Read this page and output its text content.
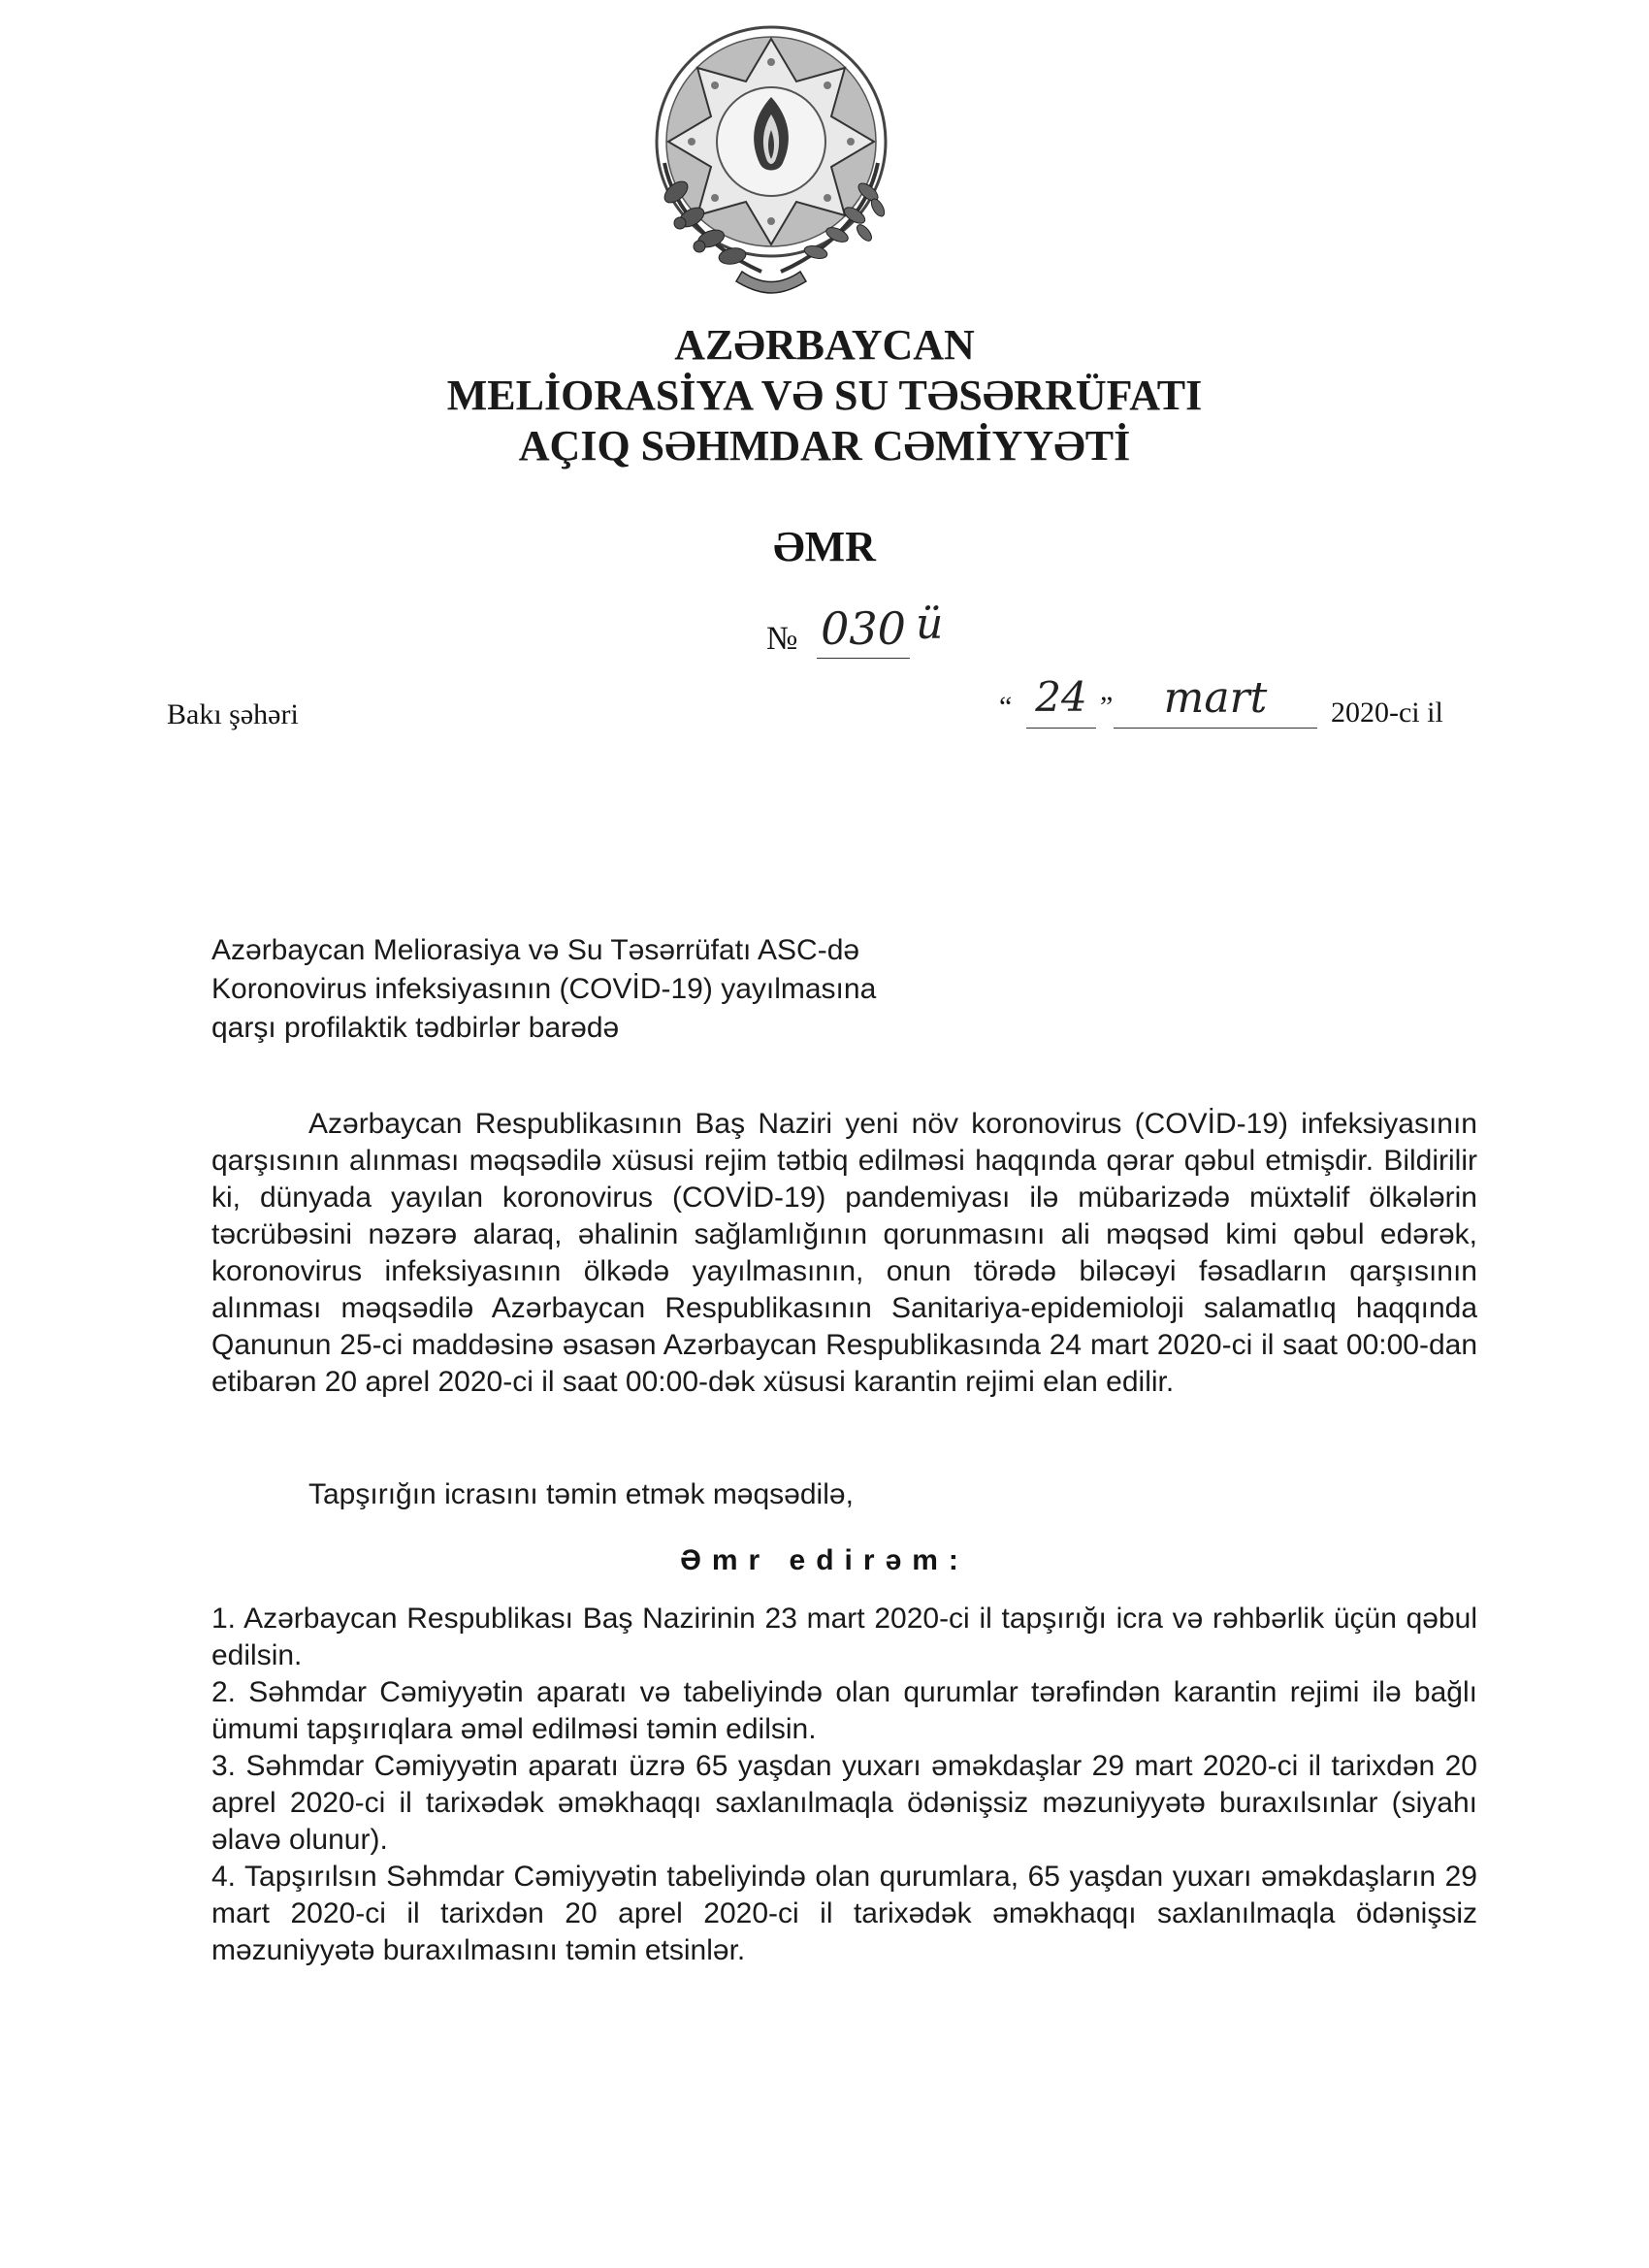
AZƏRBAYCAN
MELİORASİYA VƏ SU TƏSƏRRÜFATI
AÇIQ SƏHMDAR CƏMİYYƏTİ
ƏMR
№ 030 ü
Bakı şəhəri	“ 24 ”	mart	2020-ci il
Azərbaycan Meliorasiya və Su Təsərrüfatı ASC-də
Koronovirus infeksiyasının (COVİD-19) yayılmasına
qarşı profilaktik tədbirlər barədə
Azərbaycan Respublikasının Baş Naziri yeni növ koronovirus (COVİD-19) infeksiyasının qarşısının alınması məqsədilə xüsusi rejim tətbiq edilməsi haqqında qərar qəbul etmişdir. Bildirilir ki, dünyada yayılan koronovirus (COVİD-19) pandemiyası ilə mübarizədə müxtəlif ölkələrin təcrübəsini nəzərə alaraq, əhalinin sağlamlığının qorunmasını ali məqsəd kimi qəbul edərək, koronovirus infeksiyasının ölkədə yayılmasının, onun törədə biləcəyi fəsadların qarşısının alınması məqsədilə Azərbaycan Respublikasının Sanitariya-epidemioloji salamatlıq haqqında Qanunun 25-ci maddəsinə əsasən Azərbaycan Respublikasında 24 mart 2020-ci il saat 00:00-dan etibarən 20 aprel 2020-ci il saat 00:00-dək xüsusi karantin rejimi elan edilir.
Tapşırığın icrasını təmin etmək məqsədilə,
Əmr edirəm:

1. Azərbaycan Respublikası Baş Nazirinin 23 mart 2020-ci il tapşırığı icra və rəhbərlik üçün qəbul edilsin.

2. Səhmdar Cəmiyyətin aparatı və tabeliyində olan qurumlar tərəfindən karantin rejimi ilə bağlı ümumi tapşırıqlara əməl edilməsi təmin edilsin.

3. Səhmdar Cəmiyyətin aparatı üzrə 65 yaşdan yuxarı əməkdaşlar 29 mart 2020-ci il tarixdən 20 aprel 2020-ci il tarixədək əməkhaqqı saxlanılmaqla ödənişsiz məzuniyyətə buraxılsınlar (siyahı əlavə olunur).

4. Tapşırılsın Səhmdar Cəmiyyətin tabeliyində olan qurumlara, 65 yaşdan yuxarı əməkdaşların 29 mart 2020-ci il tarixdən 20 aprel 2020-ci il tarixədək əməkhaqqı saxlanılmaqla ödənişsiz məzuniyyətə buraxılmasını təmin etsinlər.
